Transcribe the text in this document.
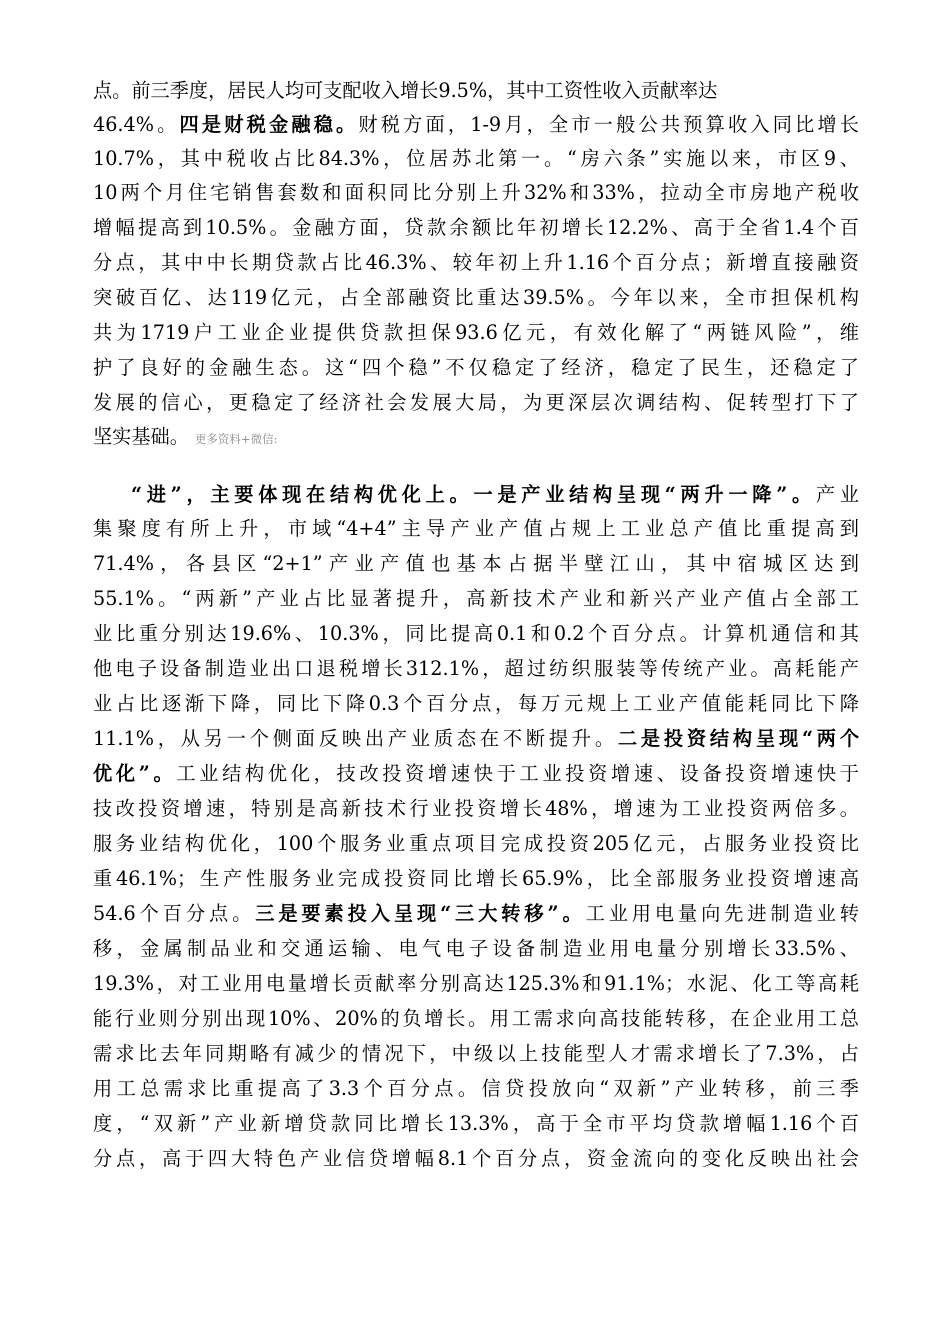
点。前三季度，居民人均可支配收入增长9.5%，其中工资性收入贡献率达
46.4%。四是财税金融稳。财税方面，1-9月，全市一般公共预算收入同比增长
10.7%，其中税收占比84.3%，位居苏北第一。“房六条”实施以来，市区9、
10两个月住宅销售套数和面积同比分别上升32%和33%，拉动全市房地产税收
增幅提高到10.5%。金融方面，贷款余额比年初增长12.2%、高于全省1.4个百
分点，其中中长期贷款占比46.3%、较年初上升1.16个百分点；新增直接融资
突破百亿、达119亿元，占全部融资比重达39.5%。今年以来，全市担保机构
共为1719户工业企业提供贷款担保93.6亿元，有效化解了“两链风险”，维
护了良好的金融生态。这“四个稳”不仅稳定了经济，稳定了民生，还稳定了
发展的信心，更稳定了经济社会发展大局，为更深层次调结构、促转型打下了
坚实基础。 更多资料+微信:
“进”，主要体现在结构优化上。一是产业结构呈现“两升一降”。产业
集聚度有所上升，市域“4+4”主导产业产值占规上工业总产值比重提高到
71.4%，各县区“2+1”产业产值也基本占据半壁江山，其中宿城区达到
55.1%。“两新”产业占比显著提升，高新技术产业和新兴产业产值占全部工
业比重分别达19.6%、10.3%，同比提高0.1和0.2个百分点。计算机通信和其
他电子设备制造业出口退税增长312.1%，超过纺织服装等传统产业。高耗能产
业占比逐渐下降，同比下降0.3个百分点，每万元规上工业产值能耗同比下降
11.1%，从另一个侧面反映出产业质态在不断提升。二是投资结构呈现“两个
优化”。工业结构优化，技改投资增速快于工业投资增速、设备投资增速快于
技改投资增速，特别是高新技术行业投资增长48%，增速为工业投资两倍多。
服务业结构优化，100个服务业重点项目完成投资205亿元，占服务业投资比
重46.1%；生产性服务业完成投资同比增长65.9%，比全部服务业投资增速高
54.6个百分点。三是要素投入呈现“三大转移”。工业用电量向先进制造业转
移，金属制品业和交通运输、电气电子设备制造业用电量分别增长33.5%、
19.3%，对工业用电量增长贡献率分别高达125.3%和91.1%；水泥、化工等高耗
能行业则分别出现10%、20%的负增长。用工需求向高技能转移，在企业用工总
需求比去年同期略有减少的情况下，中级以上技能型人才需求增长了7.3%，占
用工总需求比重提高了3.3个百分点。信贷投放向“双新”产业转移，前三季
度，“双新”产业新增贷款同比增长13.3%，高于全市平均贷款增幅1.16个百
分点，高于四大特色产业信贷增幅8.1个百分点，资金流向的变化反映出社会
